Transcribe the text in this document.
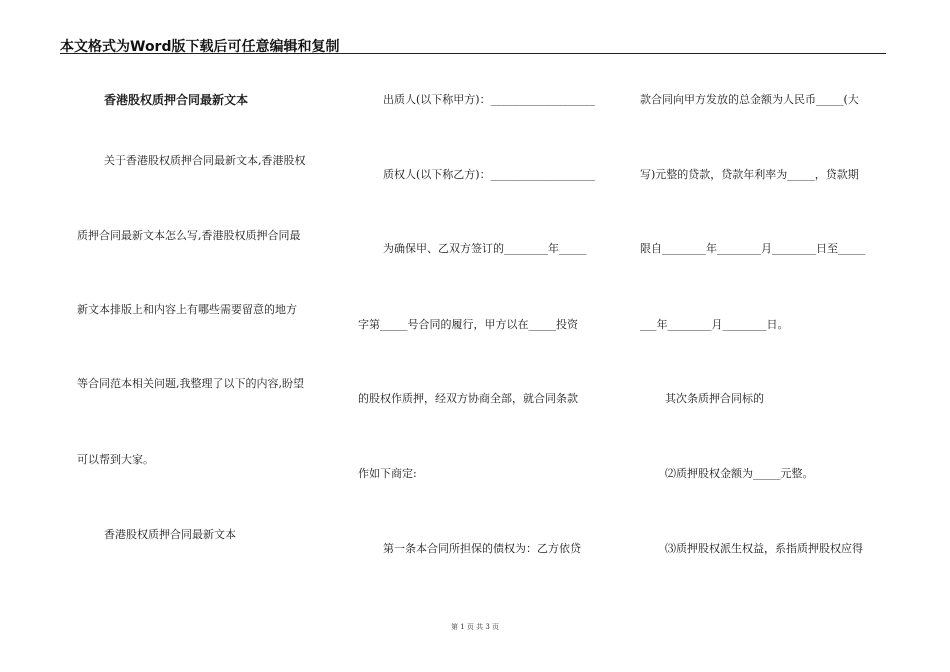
本文格式为Word版下载后可任意编辑和复制
香港股权质押合同最新文本
关于香港股权质押合同最新文本,香港股权
质押合同最新文本怎么写,香港股权质押合同最
新文本排版上和内容上有哪些需要留意的地方
等合同范本相关问题,我整理了以下的内容,盼望
可以帮到大家。
香港股权质押合同最新文本
出质人(以下称甲方)：___________________
质权人(以下称乙方)：___________________
为确保甲、乙双方签订的________年_____
字第_____号合同的履行，甲方以在_____投资
的股权作质押，经双方协商全部，就合同条款
作如下商定:
第一条本合同所担保的债权为：乙方依贷
款合同向甲方发放的总金额为人民币_____(大
写)元整的贷款，贷款年利率为_____，贷款期
限自________年________月________日至_____
___年________月________日。
其次条质押合同标的
⑵质押股权金额为_____元整。
⑶质押股权派生权益，系指质押股权应得
第 1 页 共 3 页
